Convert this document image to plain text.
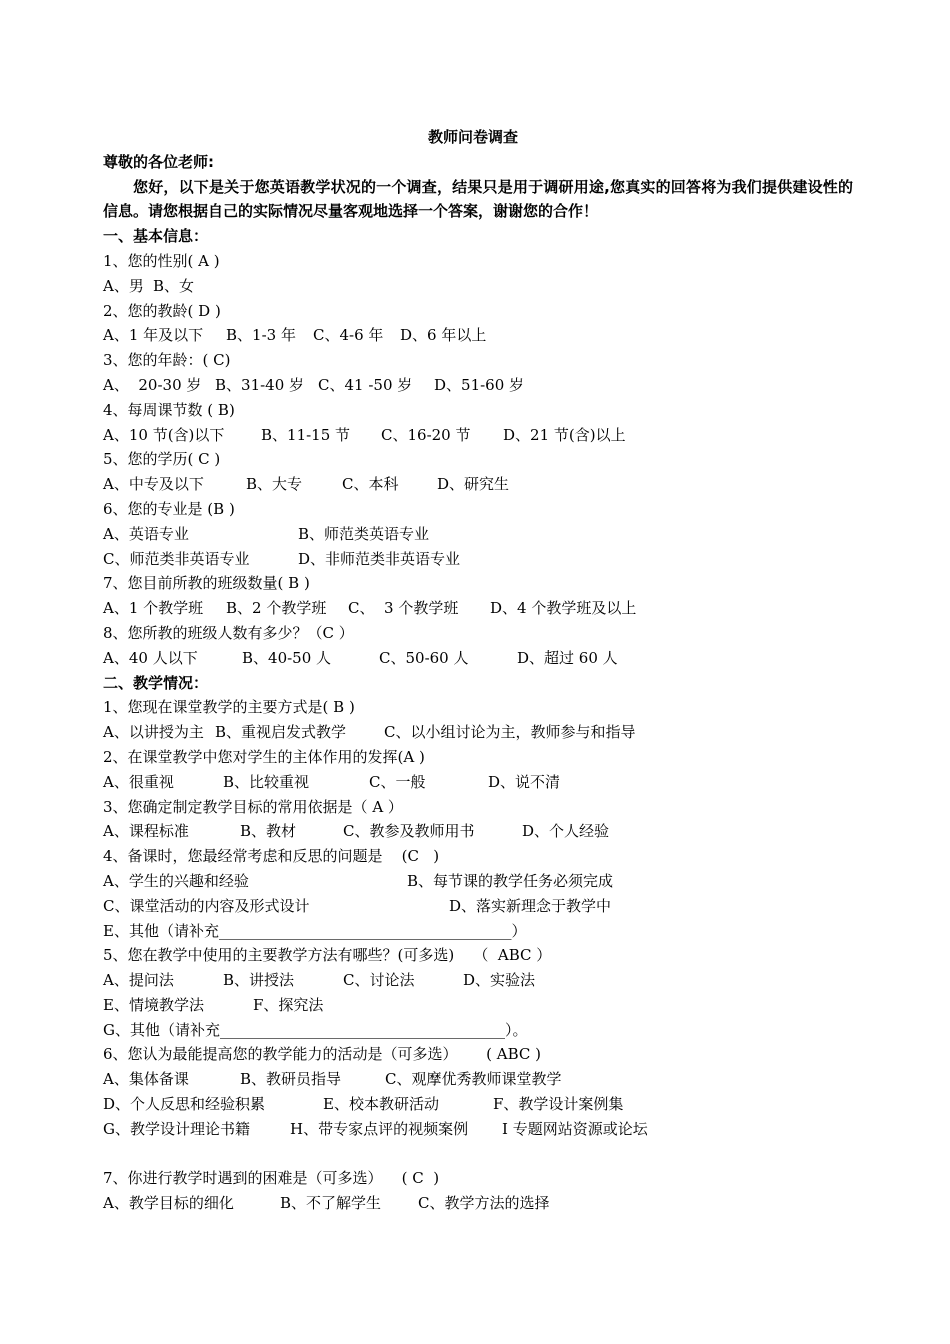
教师问卷调查
尊敬的各位老师:
您好，以下是关于您英语教学状况的一个调查，结果只是用于调研用途,您真实的回答将为我们提供建设性的信息。请您根据自己的实际情况尽量客观地选择一个答案，谢谢您的合作！
一、基本信息：
1、您的性别( A )
A、男 B、女
2、您的教龄( D )
A、1 年及以下 B、1-3 年 C、4-6 年 D、6 年以上
3、您的年龄：( C)
A、  20-30 岁 B、31-40 岁 C、41 -50 岁 D、51-60 岁
4、每周课节数 ( B)
A、10 节(含)以下 B、11-15 节 C、16-20 节 D、21 节(含)以上
5、您的学历( C )
A、中专及以下	B、大专	C、本科	D、研究生
6、您的专业是 (B )
A、英语专业	B、师范类英语专业
C、师范类非英语专业	D、非师范类非英语专业
7、您目前所教的班级数量( B )
A、1 个教学班 B、2 个教学班 C、  3 个教学班 D、4 个教学班及以上
8、您所教的班级人数有多少？（C ）
A、40 人以下	B、40-50 人	C、50-60 人	D、超过 60 人
二、教学情况：
1、您现在课堂教学的主要方式是( B )
A、以讲授为主 B、重视启发式教学	C、以小组讨论为主，教师参与和指导
2、在课堂教学中您对学生的主体作用的发挥(A )
A、很重视	B、比较重视	C、一般	D、说不清
3、您确定制定教学目标的常用依据是（ A ）
A、课程标准	B、教材	C、教参及教师用书	D、个人经验
4、备课时，您最经常考虑和反思的问题是    (C   )
A、学生的兴趣和经验	B、每节课的教学任务必须完成
C、课堂活动的内容及形式设计	D、落实新理念于教学中
E、其他（请补充_______________________________________）
5、您在教学中使用的主要教学方法有哪些？(可多选)    （  ABC ）
A、提问法	B、讲授法	C、讨论法	D、实验法
E、情境教学法	F、探究法
G、其他（请补充______________________________________）。
6、您认为最能提高您的教学能力的活动是（可多选）      ( ABC )
A、集体备课	B、教研员指导	C、观摩优秀教师课堂教学
D、个人反思和经验积累	E、校本教研活动	F、教学设计案例集
G、教学设计理论书籍	H、带专家点评的视频案例 I 专题网站资源或论坛
7、你进行教学时遇到的困难是（可多选）    ( C  )
A、教学目标的细化	B、不了解学生 C、教学方法的选择
